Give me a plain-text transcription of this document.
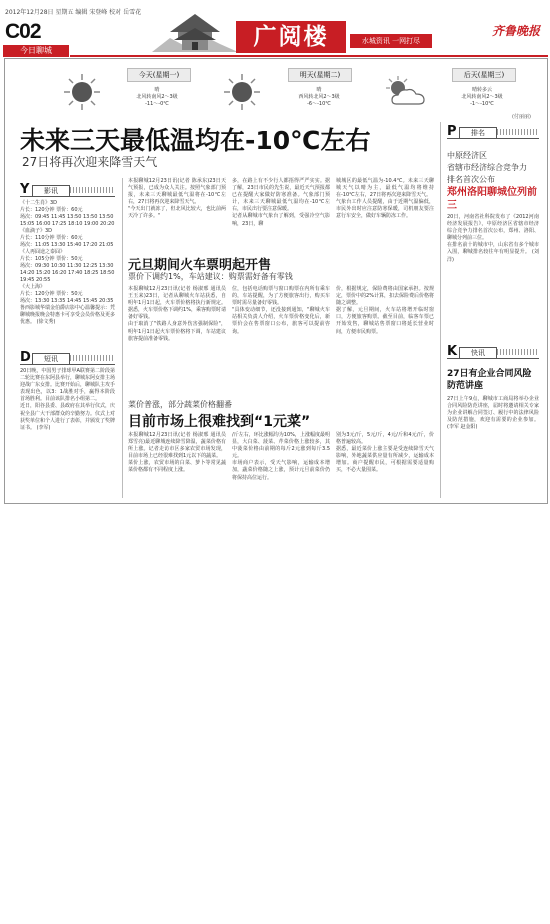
2012年12月28日 星期五 编辑 宋登峰 校对 岳雪花
C02
今日聊城
广阅楼	水城资讯 一网打尽
齐鲁晚报
今天(星期一)	明天(星期二)	后天(星期三)
晴
北风转南风2～3级
-11～-0℃
晴
西风转北风2～3级
-6～-10℃
晴转多云
北风转南风2～3级
-1～-10℃
(付丽丽)
未来三天最低温均在-10℃左右
27日将再次迎来降雪天气
Y	影讯
《十二生肖》3D
片长：120分钟 票价：60元
场次：09:45 11:45 13:50 13:50 13:50 15:05 16:00 17:25 18:10 19:00 20:20
《血滴子》3D
片长：110分钟 票价：60元
场次：11:05 13:30 15:40 17:20 21:05
《人再囧途之泰囧》
片长：105分钟 票价：50元
场次：09:30 10:30 11:30 12:25 13:30 14:20 15:20 16:20 17:40 18:25 18:50 19:45 20:55
《大上海》
片长：120分钟 票价：50元
场次：13:30 13:35 14:45 15:45 20:35
鲁西影城华瑞金伯爵店影中心温馨提示：凭聊城晚报晚会特惠卡可享受会员价格及更多优惠。 (徐文秀)
D	短讯
20日晚，中国男子排球甲A联赛第二阶段第二轮比赛在东阿县举行，聊城东阿女排主场迎战广东女排。比赛开始后，聊城队主攻手表现出色，以3：1战胜对手，赢得本阶段首场胜利。目前该队排名小组第二。
近日，阳谷县委、县政府在其举行仪式，庆祝全县广大干部群众的辛勤努力。仪式上对获奖单位和个人进行了表彰，并颁发了奖牌证书。 (李军)
本报聊城12月23日讯(记者 陈承东)23日天气预报，已成为众人关注。按照气象部门预报，未来三天聊城最低气温将在-10℃左右，27日将再次迎来降雪天气。
"今天出门就冻了，但北风比较大，也比前两天冷了许多。"
多，在路上有不少行人都捂得严严实实。据了解，23日市民的先生说，最近天气预报都已在提醒大家做好防寒准备。气象部门预计，未来三天聊城最低气温均在-10℃左右，市民出行要注意保暖。
记者从聊城市气象台了解到，受强冷空气影响，23日，聊
城城区的最低气温为-10.4℃。未来三天聊城天气以晴为主，最低气温均将维持在-10℃左右，27日将再次迎来降雪天气。
气象台工作人员提醒，由于近期气温偏低，市民外出时应注意防寒保暖，司机朋友要注意行车安全，做好车辆防冻工作。
元旦期间火车票明起开售
票价下调约1%，车站建议：购票需好备有零钱
本报聊城12月23日讯(记者 杨淑邢 通讯员 王玉来)23日，记者从聊城火车站获悉，自明年1月1日起，火车票价格将执行新规定。据悉，火车票价格下调约1%，乘客购票时请备好零钱。
由于取消了"铁路人身意外伤害强制保险"，明年1月1日起火车票价格将下调，车站建议旅客提前准备零钱。
位，包括电话购票与窗口购票在内所有乘车的，车站提醒，为了方便旅客出行，购买车票时需尽量备好零钱。
"具体变动细节，还没接到通知，"聊城火车站相关负责人介绍，火车票价格变化后，新票价会在售票窗口公布，旅客可以提前咨询。
价，根据规定，保险费将由国家承担。按规定，票价中的2%计算，扣去保险费后价格将随之调整。
据了解，元旦期间，火车站将增开临时窗口，方便旅客购票。截至目前，临客车票已开始发售，聊城站售票窗口将延长营业时间，方便市民购票。
菜价普涨，部分蔬菜价格翻番
目前市场上很难找到“1元菜”
本报聊城12月23日讯(记者 杨淑邢 通讯员 郑雪亮)最近聊城连续降雪降温，蔬菜价格有所上涨。记者走访市区多家农贸市场发现，目前市场上已经很难找到1元以下的蔬菜。
菜价上涨，农贸市场的白菜、萝卜等常见蔬菜价格都有不同程度上涨。
/斤左右，环比涨幅均为10%，上涨幅度最明显，大白菜、菠菜、芹菜价格上涨较多，其中菠菜价格由前期的每斤2元涨到每斤3.5元。
市场商户表示，受天气影响，运输成本增加，蔬菜价格随之上涨，预计元旦前菜价仍将保持高位运行。
别为3元/斤，5元/斤，4元/斤和4元/斤，价格普遍较高。
据悉，最近菜价上涨主要是受连续降雪天气影响，外地蔬菜供应量有所减少，运输成本增加。商户提醒市民，可根据需要适量购买，不必大量囤菜。
P	排名
中原经济区
省辖市经济综合竞争力
排名首次公布
郑州洛阳聊城位列前三
20日，河南省社科院发布了《2012河南经济发展报告》，中原经济区省辖市经济综合竞争力排名首次公布，郑州、洛阳、聊城分列前三位。
在排名前十的城市中，山东省有多个城市入围，聊城排名较往年有明显提升。 (刘洋)
K	快讯
27日有企业合同风险防范讲座
27日上午9点，聊城市工商局将举办企业合同风险防范讲座，届时将邀请相关专家为企业讲解合同签订、履行中的法律风险及防范措施，欢迎有需要的企业参加。 (李军 赵金阳)
